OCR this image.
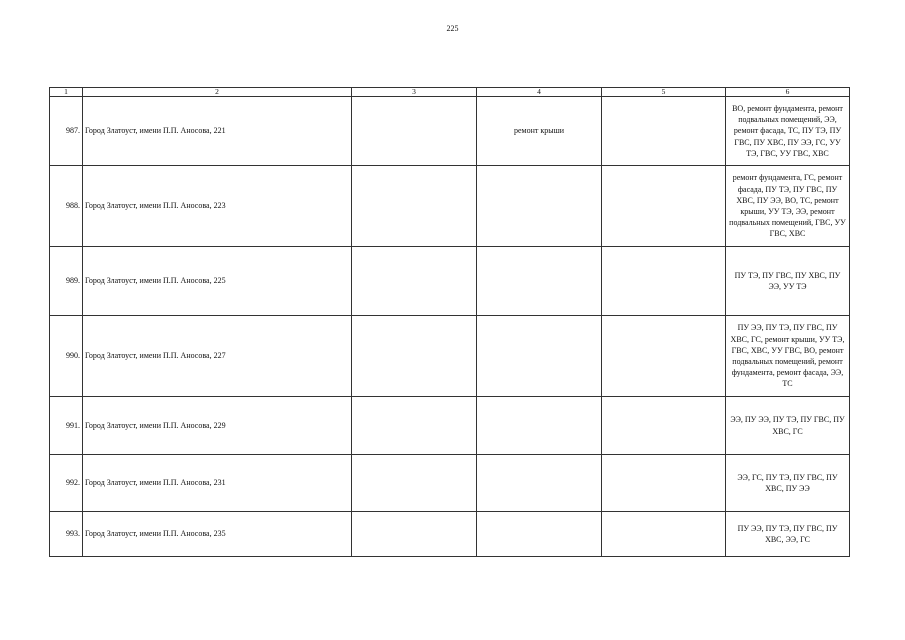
225
1	2	3	4	5	6
987.	Город Златоуст, имени П.П. Аносова, 221		ремонт крыши		ВО, ремонт фундамента, ремонт подвальных помещений, ЭЭ, ремонт фасада, ТС, ПУ ТЭ, ПУ ГВС, ПУ ХВС, ПУ ЭЭ, ГС, УУ ТЭ, ГВС, УУ ГВС, ХВС
988.	Город Златоуст, имени П.П. Аносова, 223				ремонт фундамента, ГС, ремонт фасада, ПУ ТЭ, ПУ ГВС, ПУ ХВС, ПУ ЭЭ, ВО, ТС, ремонт крыши, УУ ТЭ, ЭЭ, ремонт подвальных помещений, ГВС, УУ ГВС, ХВС
989.	Город Златоуст, имени П.П. Аносова, 225				ПУ ТЭ, ПУ ГВС, ПУ ХВС, ПУ ЭЭ, УУ ТЭ
990.	Город Златоуст, имени П.П. Аносова, 227				ПУ ЭЭ, ПУ ТЭ, ПУ ГВС, ПУ ХВС, ГС, ремонт крыши, УУ ТЭ, ГВС, ХВС, УУ ГВС, ВО, ремонт подвальных помещений, ремонт фундамента, ремонт фасада, ЭЭ, ТС
991.	Город Златоуст, имени П.П. Аносова, 229				ЭЭ, ПУ ЭЭ, ПУ ТЭ, ПУ ГВС, ПУ ХВС, ГС
992.	Город Златоуст, имени П.П. Аносова, 231				ЭЭ, ГС, ПУ ТЭ, ПУ ГВС, ПУ ХВС, ПУ ЭЭ
993.	Город Златоуст, имени П.П. Аносова, 235				ПУ ЭЭ, ПУ ТЭ, ПУ ГВС, ПУ ХВС, ЭЭ, ГС
